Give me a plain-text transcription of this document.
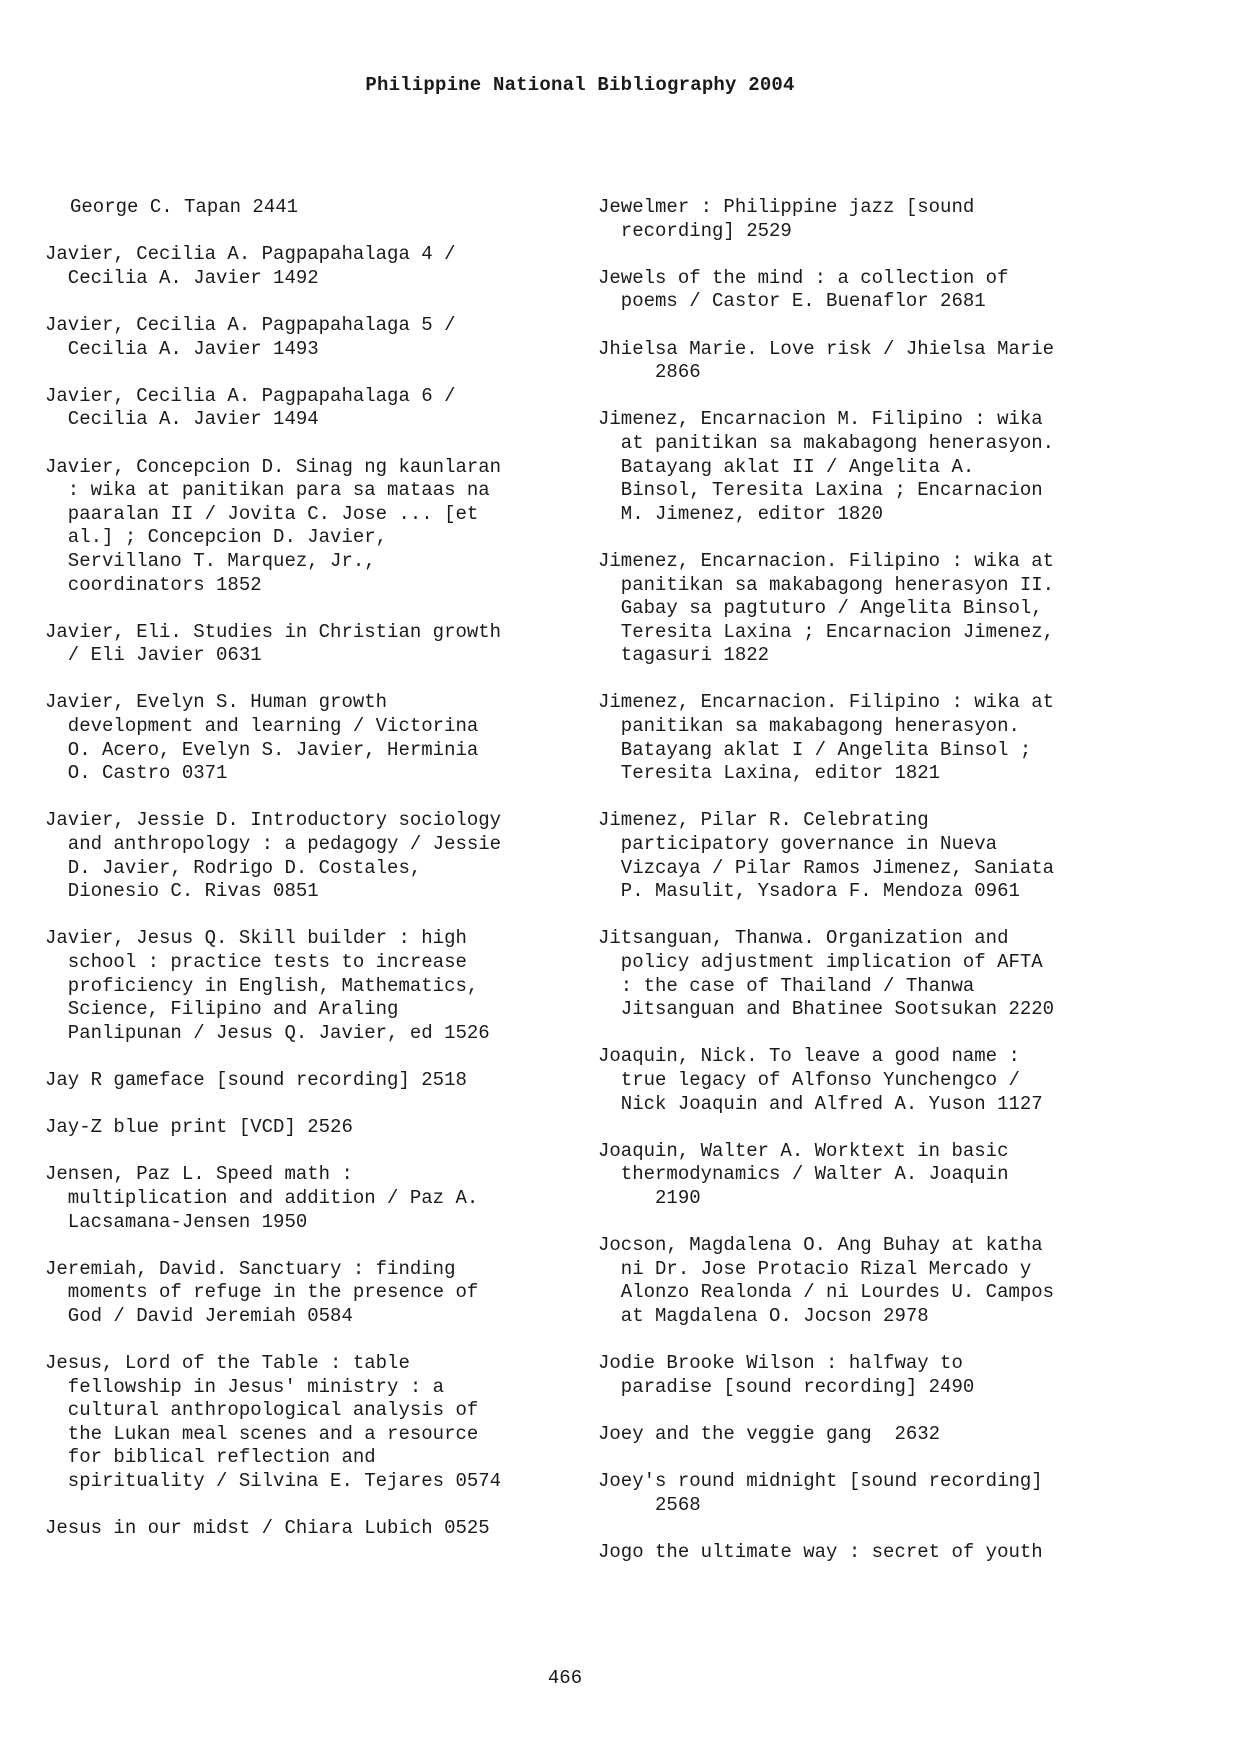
Philippine National Bibliography 2004
George C. Tapan 2441
Javier, Cecilia A. Pagpapahalaga 4 /
Cecilia A. Javier 1492
Javier, Cecilia A. Pagpapahalaga 5 /
Cecilia A. Javier 1493
Javier, Cecilia A. Pagpapahalaga 6 /
Cecilia A. Javier 1494
Javier, Concepcion D. Sinag ng kaunlaran
: wika at panitikan para sa mataas na
paaralan II / Jovita C. Jose ... [et
al.] ; Concepcion D. Javier,
Servillano T. Marquez, Jr.,
coordinators 1852
Javier, Eli. Studies in Christian growth
/ Eli Javier 0631
Javier, Evelyn S. Human growth
development and learning / Victorina
O. Acero, Evelyn S. Javier, Herminia
O. Castro 0371
Javier, Jessie D. Introductory sociology
and anthropology : a pedagogy / Jessie
D. Javier, Rodrigo D. Costales,
Dionesio C. Rivas 0851
Javier, Jesus Q. Skill builder : high
school : practice tests to increase
proficiency in English, Mathematics,
Science, Filipino and Araling
Panlipunan / Jesus Q. Javier, ed 1526
Jay R gameface [sound recording] 2518
Jay-Z blue print [VCD] 2526
Jensen, Paz L. Speed math :
multiplication and addition / Paz A.
Lacsamana-Jensen 1950
Jeremiah, David. Sanctuary : finding
moments of refuge in the presence of
God / David Jeremiah 0584
Jesus, Lord of the Table : table
fellowship in Jesus' ministry : a
cultural anthropological analysis of
the Lukan meal scenes and a resource
for biblical reflection and
spirituality / Silvina E. Tejares 0574
Jesus in our midst / Chiara Lubich 0525
Jewelmer : Philippine jazz [sound
recording] 2529
Jewels of the mind : a collection of
poems / Castor E. Buenaflor 2681
Jhielsa Marie. Love risk / Jhielsa Marie
2866
Jimenez, Encarnacion M. Filipino : wika
at panitikan sa makabagong henerasyon.
Batayang aklat II / Angelita A.
Binsol, Teresita Laxina ; Encarnacion
M. Jimenez, editor 1820
Jimenez, Encarnacion. Filipino : wika at
panitikan sa makabagong henerasyon II.
Gabay sa pagtuturo / Angelita Binsol,
Teresita Laxina ; Encarnacion Jimenez,
tagasuri 1822
Jimenez, Encarnacion. Filipino : wika at
panitikan sa makabagong henerasyon.
Batayang aklat I / Angelita Binsol ;
Teresita Laxina, editor 1821
Jimenez, Pilar R. Celebrating
participatory governance in Nueva
Vizcaya / Pilar Ramos Jimenez, Saniata
P. Masulit, Ysadora F. Mendoza 0961
Jitsanguan, Thanwa. Organization and
policy adjustment implication of AFTA
: the case of Thailand / Thanwa
Jitsanguan and Bhatinee Sootsukan 2220
Joaquin, Nick. To leave a good name :
true legacy of Alfonso Yunchengco /
Nick Joaquin and Alfred A. Yuson 1127
Joaquin, Walter A. Worktext in basic
thermodynamics / Walter A. Joaquin
2190
Jocson, Magdalena O. Ang Buhay at katha
ni Dr. Jose Protacio Rizal Mercado y
Alonzo Realonda / ni Lourdes U. Campos
at Magdalena O. Jocson 2978
Jodie Brooke Wilson : halfway to
paradise [sound recording] 2490
Joey and the veggie gang  2632
Joey's round midnight [sound recording]
2568
Jogo the ultimate way : secret of youth
466
